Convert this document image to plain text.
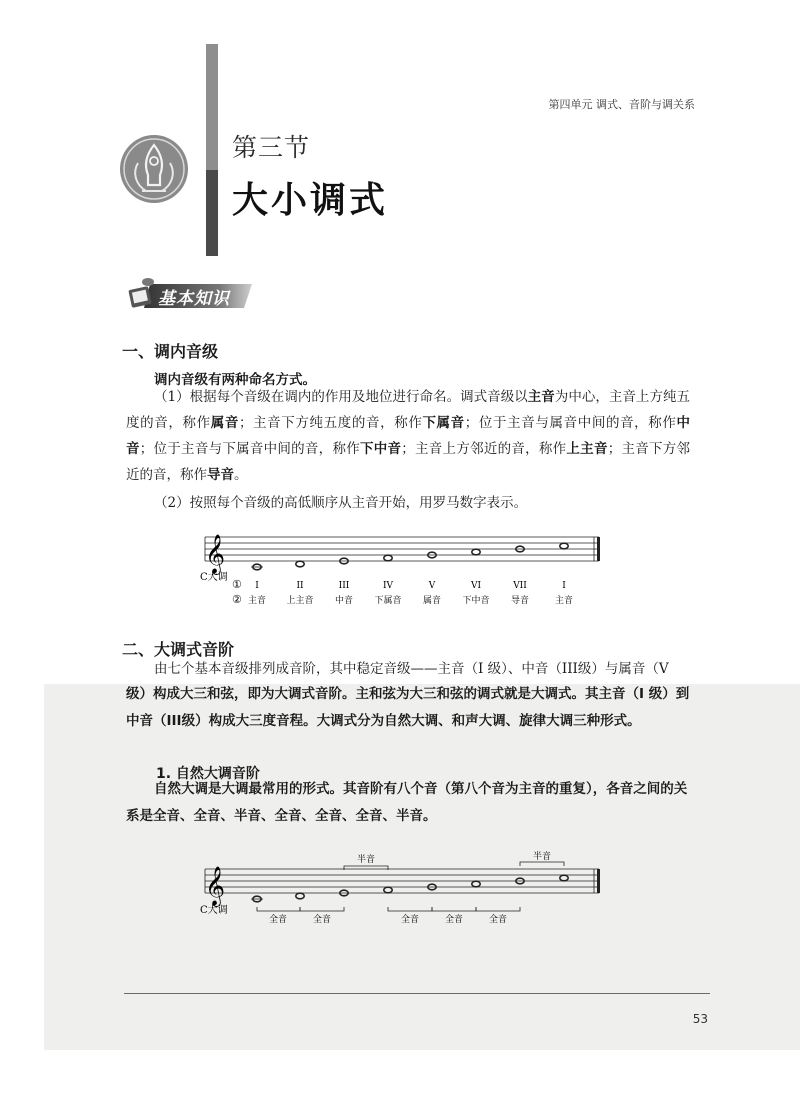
第四单元 调式、音阶与调关系
第三节
大小调式
基本知识
一、调内音级
调内音级有两种命名方式。
（1）根据每个音级在调内的作用及地位进行命名。调式音级以主音为中心，主音上方纯五度的音，称作属音；主音下方纯五度的音，称作下属音；位于主音与属音中间的音，称作中音；位于主音与下属音中间的音，称作下中音；主音上方邻近的音，称作上主音；主音下方邻近的音，称作导音。
（2）按照每个音级的高低顺序从主音开始，用罗马数字表示。
𝄞
C大调
①
②
I	II	III	IV	V	VI	VII	I
主音 上主音 中音 下属音 属音 下中音 导音	主音
二、大调式音阶
由七个基本音级排列成音阶，其中稳定音级——主音（I 级）、中音（III级）与属音（V
级）构成大三和弦，即为大调式音阶。主和弦为大三和弦的调式就是大调式。其主音（I 级）到中音（III级）构成大三度音程。大调式分为自然大调、和声大调、旋律大调三种形式。
1. 自然大调音阶
自然大调是大调最常用的形式。其音阶有八个音（第八个音为主音的重复），各音之间的关系是全音、全音、半音、全音、全音、全音、半音。
𝄞
全音	全音	全音	全音	全音
半音	半音
C大调
53
